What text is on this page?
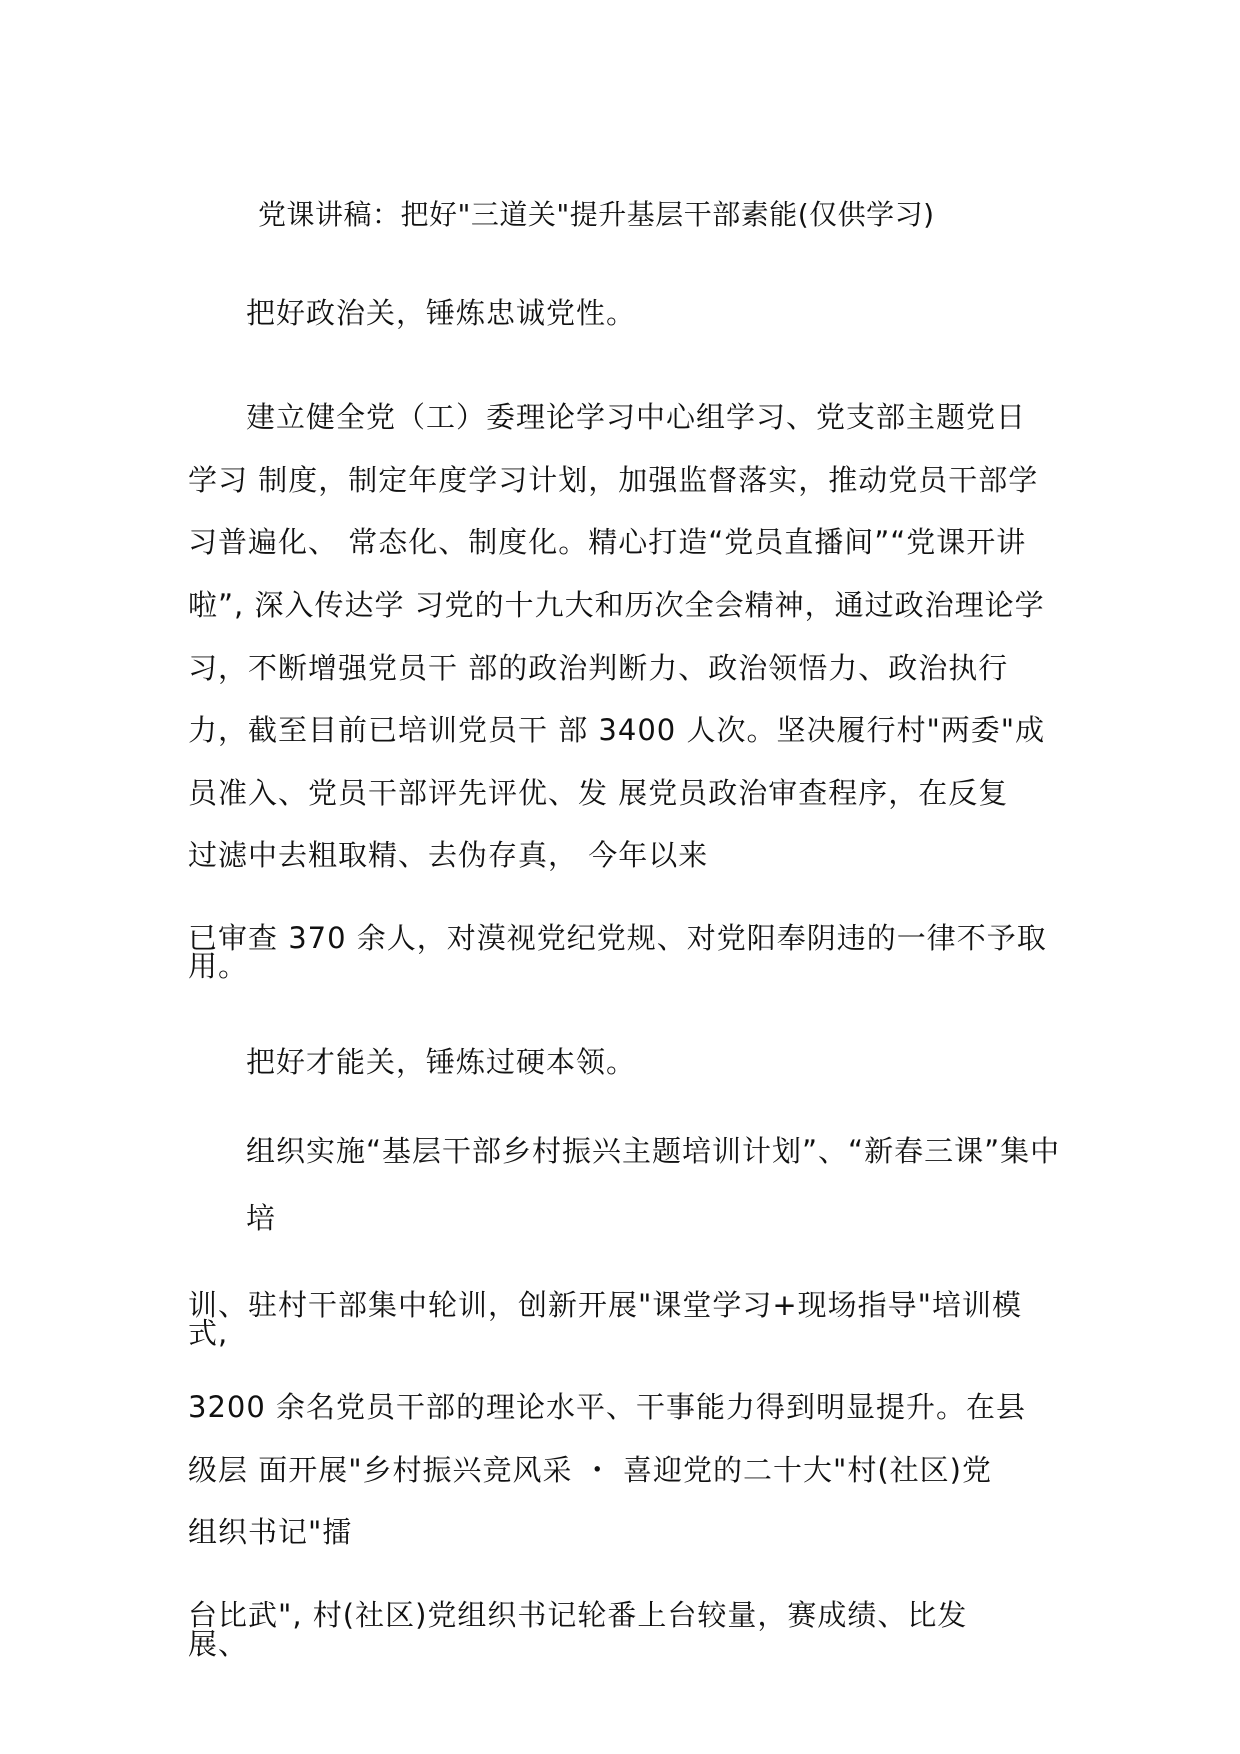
党课讲稿：把好"三道关"提升基层干部素能(仅供学习)

把好政治关，锤炼忠诚党性。

建立健全党（工）委理论学习中心组学习、党支部主题党日

学习 制度，制定年度学习计划，加强监督落实，推动党员干部学

习普遍化、 常态化、制度化。精心打造“党员直播间”“党课开讲

啦”, 深入传达学 习党的十九大和历次全会精神，通过政治理论学

习，不断增强党员干 部的政治判断力、政治领悟力、政治执行

力，截至目前已培训党员干 部 3400 人次。坚决履行村"两委"成

员准入、党员干部评先评优、发 展党员政治审查程序，在反复

过滤中去粗取精、去伪存真， 今年以来

已审查 370 余人，对漠视党纪党规、对党阳奉阴违的一律不予取

用。

把好才能关，锤炼过硬本领。

组织实施“基层干部乡村振兴主题培训计划”、“新春三课”集中

培

训、驻村干部集中轮训，创新开展"课堂学习+现场指导"培训模

式,

3200 余名党员干部的理论水平、干事能力得到明显提升。在县

级层 面开展"乡村振兴竞风采 ・ 喜迎党的二十大"村(社区)党

组织书记"擂

台比武", 村(社区)党组织书记轮番上台较量，赛成绩、比发

展、
